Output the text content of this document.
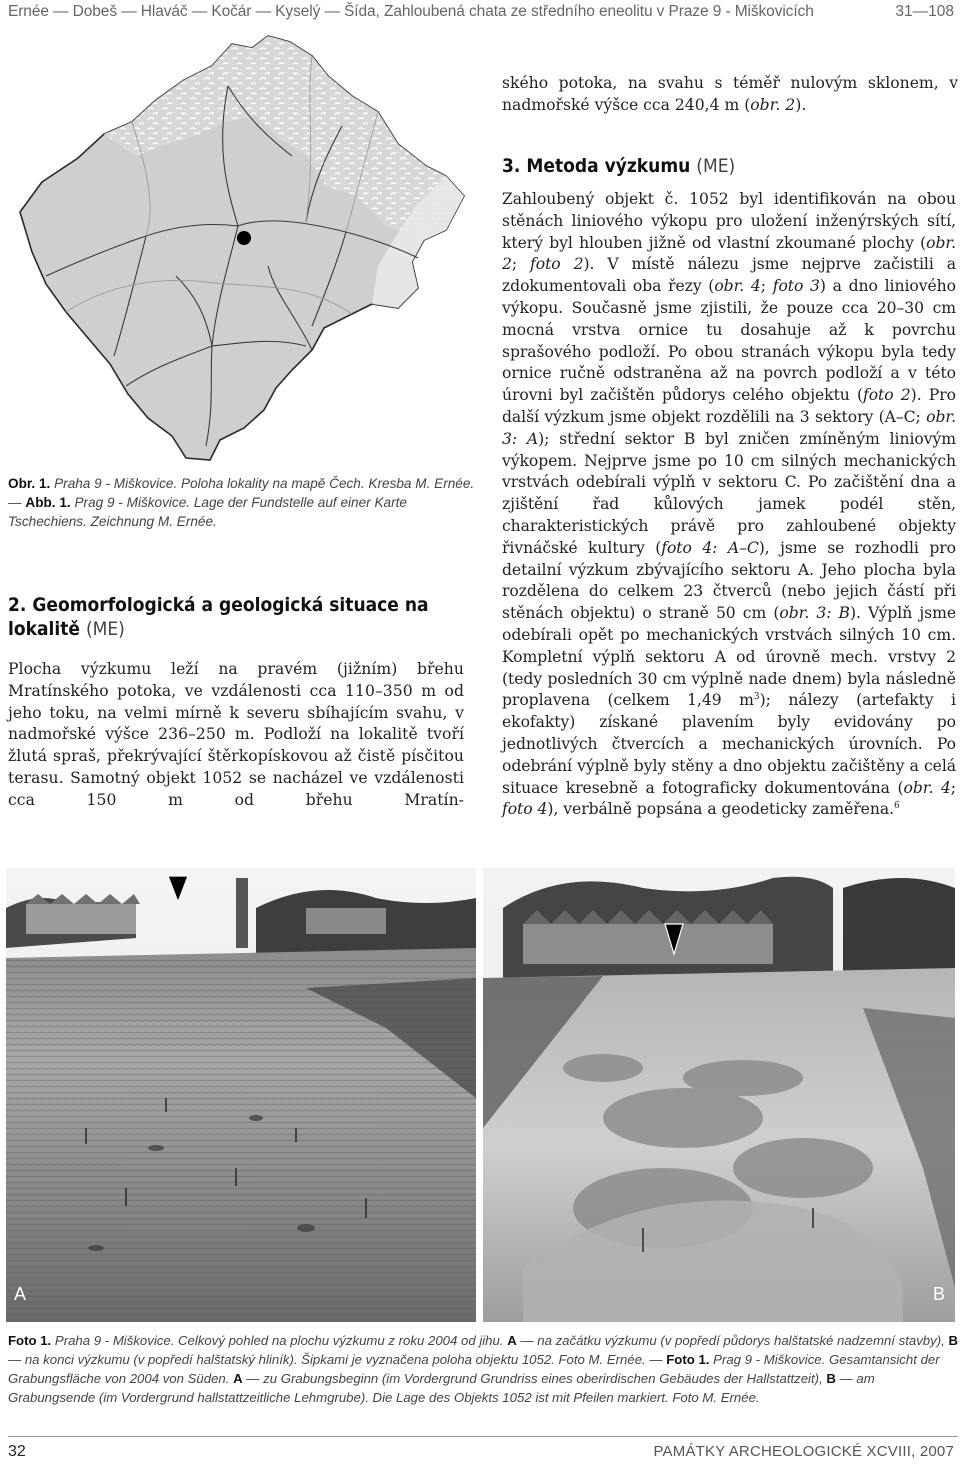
Ernée — Dobeš — Hlaváč — Kočár — Kyselý — Šída, Zahloubená chata ze středního eneolitu v Praze 9 - Miškovicích	31—108
Obr. 1. Praha 9 - Miškovice. Poloha lokality na mapě Čech. Kresba M. Ernée. — Abb. 1. Prag 9 - Miškovice. Lage der Fundstelle auf einer Karte Tschechiens. Zeichnung M. Ernée.
2. Geomorfologická a geologická situace na lokalitě (ME)

Plocha výzkumu leží na pravém (jižním) břehu Mratínského potoka, ve vzdálenosti cca 110–350 m od jeho toku, na velmi mírně k severu sbíhajícím svahu, v nadmořské výšce 236–250 m. Podloží na lokalitě tvoří žlutá spraš, překrývající štěrkopískovou až čistě písčitou terasu. Samotný objekt 1052 se nacházel ve vzdálenosti cca 150 m od břehu Mratín-

ského potoka, na svahu s téměř nulovým sklonem, v nadmořské výšce cca 240,4 m (obr. 2).

3. Metoda výzkumu (ME)

Zahloubený objekt č. 1052 byl identifikován na obou stěnách liniového výkopu pro uložení inženýrských sítí, který byl hlouben jižně od vlastní zkoumané plochy (obr. 2; foto 2). V místě nálezu jsme nejprve začistili a zdokumentovali oba řezy (obr. 4; foto 3) a dno liniového výkopu. Současně jsme zjistili, že pouze cca 20–30 cm mocná vrstva ornice tu dosahuje až k povrchu sprašového podloží. Po obou stranách výkopu byla tedy ornice ručně odstraněna až na povrch podloží a v této úrovni byl začištěn půdorys celého objektu (foto 2). Pro další výzkum jsme objekt rozdělili na 3 sektory (A–C; obr. 3: A); střední sektor B byl zničen zmíněným liniovým výkopem. Nejprve jsme po 10 cm silných mechanických vrstvách odebírali výplň v sektoru C. Po začištění dna a zjištění řad kůlových jamek podél stěn, charakteristických právě pro zahloubené objekty řivnáčské kultury (foto 4: A–C), jsme se rozhodli pro detailní výzkum zbývajícího sektoru A. Jeho plocha byla rozdělena do celkem 23 čtverců (nebo jejich částí při stěnách objektu) o straně 50 cm (obr. 3: B). Výplň jsme odebírali opět po mechanických vrstvách silných 10 cm. Kompletní výplň sektoru A od úrovně mech. vrstvy 2 (tedy posledních 30 cm výplně nade dnem) byla následně proplavena (celkem 1,49 $m^3$); nálezy (artefakty i ekofakty) získané plavením byly evidovány po jednotlivých čtvercích a mechanických úrovních. Po odebrání výplně byly stěny a dno objektu začištěny a celá situace kresebně a fotograficky dokumentována (obr. 4; foto 4), verbálně popsána a geodeticky zaměřena.$^6$

A	B
Foto 1. Praha 9 - Miškovice. Celkový pohled na plochu výzkumu z roku 2004 od jihu. A — na začátku výzkumu (v popředí půdorys halštatské nadzemní stavby), B — na konci výzkumu (v popředí halštatský hliník). Šipkami je vyznačena poloha objektu 1052. Foto M. Ernée. — Foto 1. Prag 9 - Miškovice. Gesamtansicht der Grabungsfläche von 2004 von Süden. A — zu Grabungsbeginn (im Vordergrund Grundriss eines oberirdischen Gebäudes der Hallstattzeit), B — am Grabungsende (im Vordergrund hallstattzeitliche Lehmgrube). Die Lage des Objekts 1052 ist mit Pfeilen markiert. Foto M. Ernée.
32	PAMÁTKY ARCHEOLOGICKÉ XCVIII, 2007
